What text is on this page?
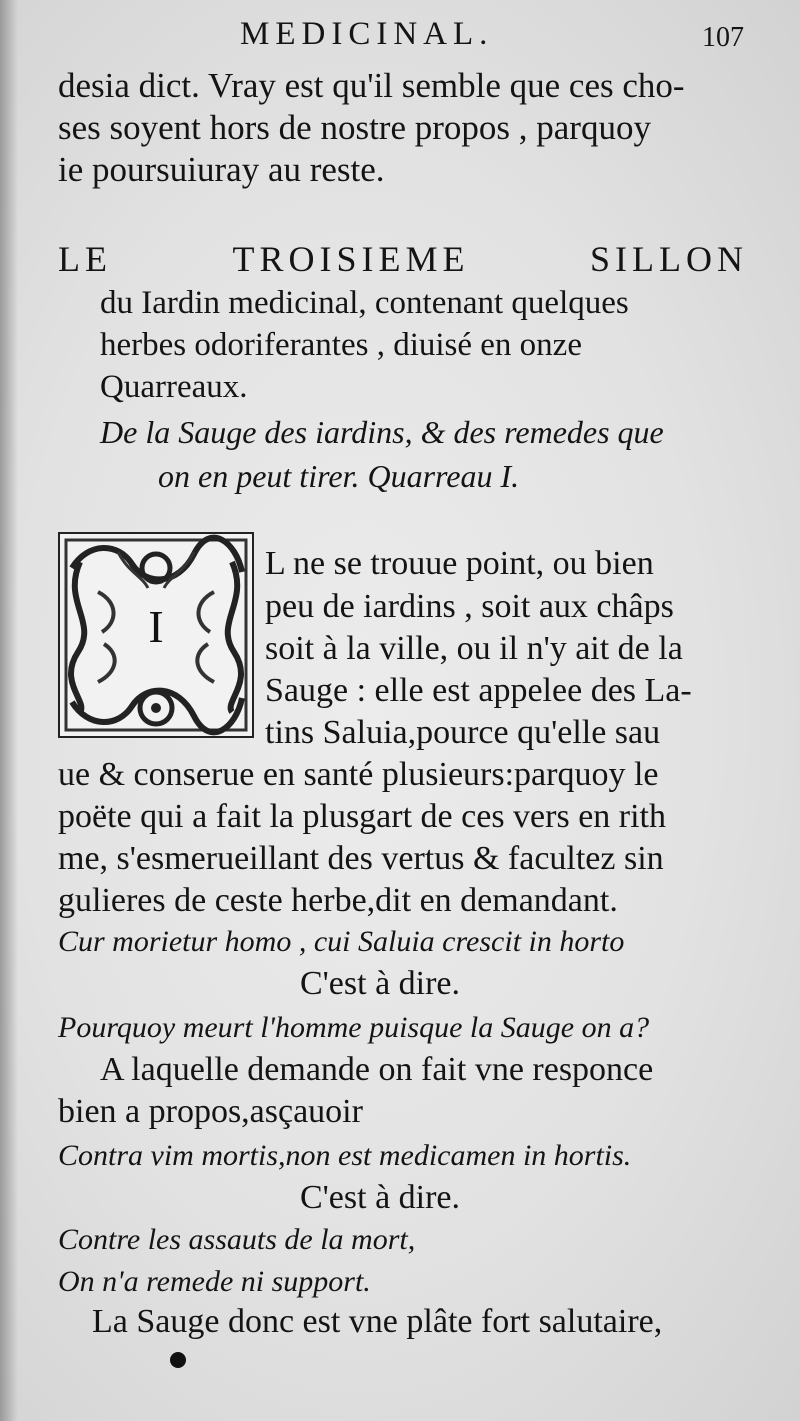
MEDICINAL.	107
desia dict. Vray est qu'il semble que ces cho-
ses soyent hors de nostre propos , parquoy
ie poursuiuray au reste.
LE	TROISIEME	SILLON
du Iardin medicinal, contenant quelques
herbes odoriferantes , diuisé en onze
Quarreaux.
De la Sauge des iardins, & des remedes que
on en peut tirer. Quarreau I.
I
L ne se trouue point, ou bien
peu de iardins , soit aux châps
soit à la ville, ou il n'y ait de la
Sauge : elle est appelee des La-
tins Saluia,pource qu'elle sau
ue & conserue en santé plusieurs:parquoy le
poëte qui a fait la plusgart de ces vers en rith
me, s'esmerueillant des vertus & facultez sin
gulieres de ceste herbe,dit en demandant.
Cur morietur homo , cui Saluia crescit in horto
C'est à dire.
Pourquoy meurt l'homme puisque la Sauge on a?
A laquelle demande on fait vne responce
bien a propos,asçauoir
Contra vim mortis,non est medicamen in hortis.
C'est à dire.
Contre les assauts de la mort,
On n'a remede ni support.
La Sauge donc est vne plâte fort salutaire,
